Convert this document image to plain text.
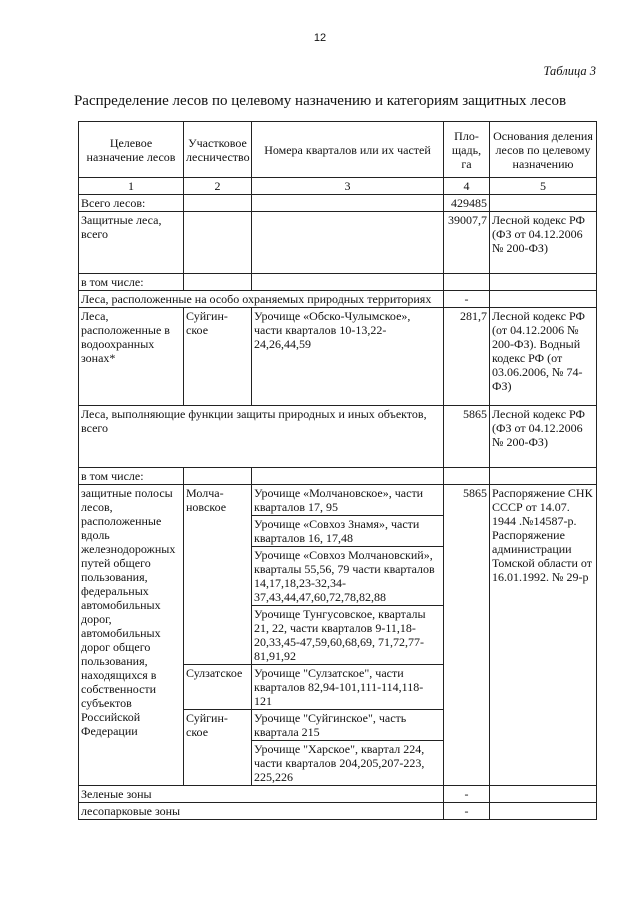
12
Таблица 3
Распределение лесов по целевому назначению и категориям защитных лесов
Целевое назначение лесов	Участковое лесничество	Номера кварталов или их частей	Пло-щадь, га	Основания деления лесов по целевому назначению
1	2	3	4	5
Всего лесов:			429485	
Защитные леса, всего			39007,7	Лесной кодекс РФ (ФЗ от 04.12.2006 № 200-ФЗ)
в том числе:				
Леса, расположенные на особо охраняемых природных территориях			-	
Леса, расположенные в водоохранных зонах*	Суйгин-ское	Урочище «Обско-Чулымское», части кварталов 10-13,22-24,26,44,59	281,7	Лесной кодекс РФ (от 04.12.2006 № 200-ФЗ). Водный кодекс РФ (от 03.06.2006, № 74-ФЗ)
Леса, выполняющие функции защиты природных и иных объектов, всего			5865	Лесной кодекс РФ (ФЗ от 04.12.2006 № 200-ФЗ)
в том числе:				
защитные полосы лесов, расположенные вдоль железнодорожных путей общего пользования, федеральных автомобильных дорог, автомобильных дорог общего пользования, находящихся в собственности субъектов Российской Федерации	Молча-новское	Урочище «Молчановское», части кварталов 17, 95	5865	Распоряжение СНК СССР от 14.07. 1944 .№14587-р. Распоряжение администрации Томской области от 16.01.1992. № 29-р
		Урочище «Совхоз Знамя», части кварталов 16, 17,48		
		Урочище «Совхоз Молчановский», кварталы 55,56, 79 части кварталов 14,17,18,23-32,34-37,43,44,47,60,72,78,82,88		
		Урочище Тунгусовское, кварталы 21, 22, части кварталов 9-11,18-20,33,45-47,59,60,68,69, 71,72,77-81,91,92		
	Сулзатское	Урочище "Сулзатское", части кварталов 82,94-101,111-114,118-121		
	Суйгин-ское	Урочище "Суйгинское", часть квартала 215		
		Урочище "Харское", квартал 224, части кварталов 204,205,207-223, 225,226		
Зеленые зоны			-	
лесопарковые зоны			-	
